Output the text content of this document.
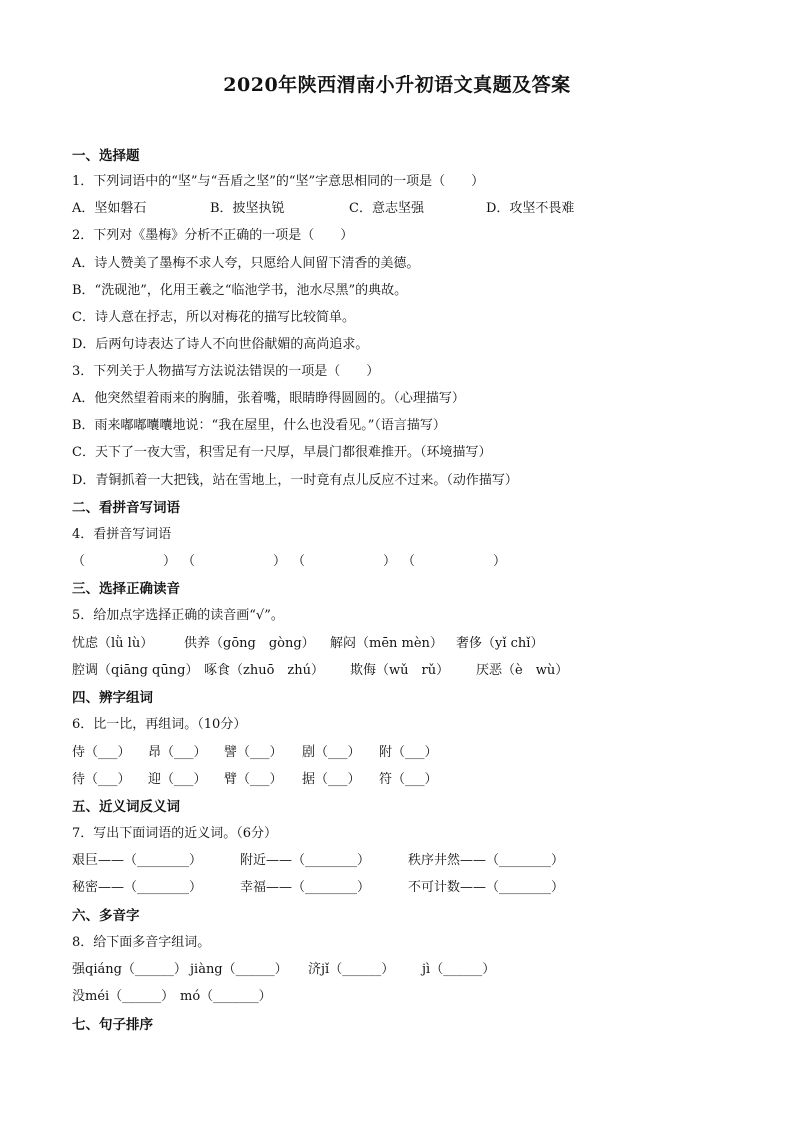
2020年陕西渭南小升初语文真题及答案
一、选择题
1．下列词语中的“坚”与“吾盾之坚”的“坚”字意思相同的一项是（　　）
A．坚如磐石	B．披坚执锐	C．意志坚强	D．攻坚不畏难
2．下列对《墨梅》分析不正确的一项是（　　）
A．诗人赞美了墨梅不求人夸，只愿给人间留下清香的美德。
B．“洗砚池”，化用王羲之“临池学书，池水尽黑”的典故。
C．诗人意在抒志，所以对梅花的描写比较简单。
D．后两句诗表达了诗人不向世俗献媚的高尚追求。
3．下列关于人物描写方法说法错误的一项是（　　）
A．他突然望着雨来的胸脯，张着嘴，眼睛睁得圆圆的。（心理描写）
B．雨来嘟嘟囔囔地说：“我在屋里，什么也没看见。”（语言描写）
C．天下了一夜大雪，积雪足有一尺厚，早晨门都很难推开。（环境描写）
D．青铜抓着一大把钱，站在雪地上，一时竟有点儿反应不过来。（动作描写）
二、看拼音写词语
4．看拼音写词语
（　　　　　　） （　　　　　　） （　　　　　　） （　　　　　　）
三、选择正确读音
5．给加点字选择正确的读音画“√”。
忧虑（lǜ lù） 供养（gōng　gòng） 解闷（mēn mèn） 奢侈（yǐ chǐ）
腔调（qiāng qūng） 啄食（zhuō　zhú） 欺侮（wǔ　rǔ） 厌恶（è　wù）
四、辨字组词
6．比一比，再组词。（10分）
侍（___） 昂（___） 譬（___） 剧（___） 附（___）
待（___） 迎（___） 臂（___） 据（___） 符（___）
五、近义词反义词
7．写出下面词语的近义词。（6分）
艰巨——（________）	附近——（________）	秩序井然——（________）
秘密——（________）	幸福——（________）	不可计数——（________）
六、多音字
8．给下面多音字组词。
强qiáng（______） jiàng（______） 济jǐ（______） jì（______）
没méi（______） mó（_______）
七、句子排序
